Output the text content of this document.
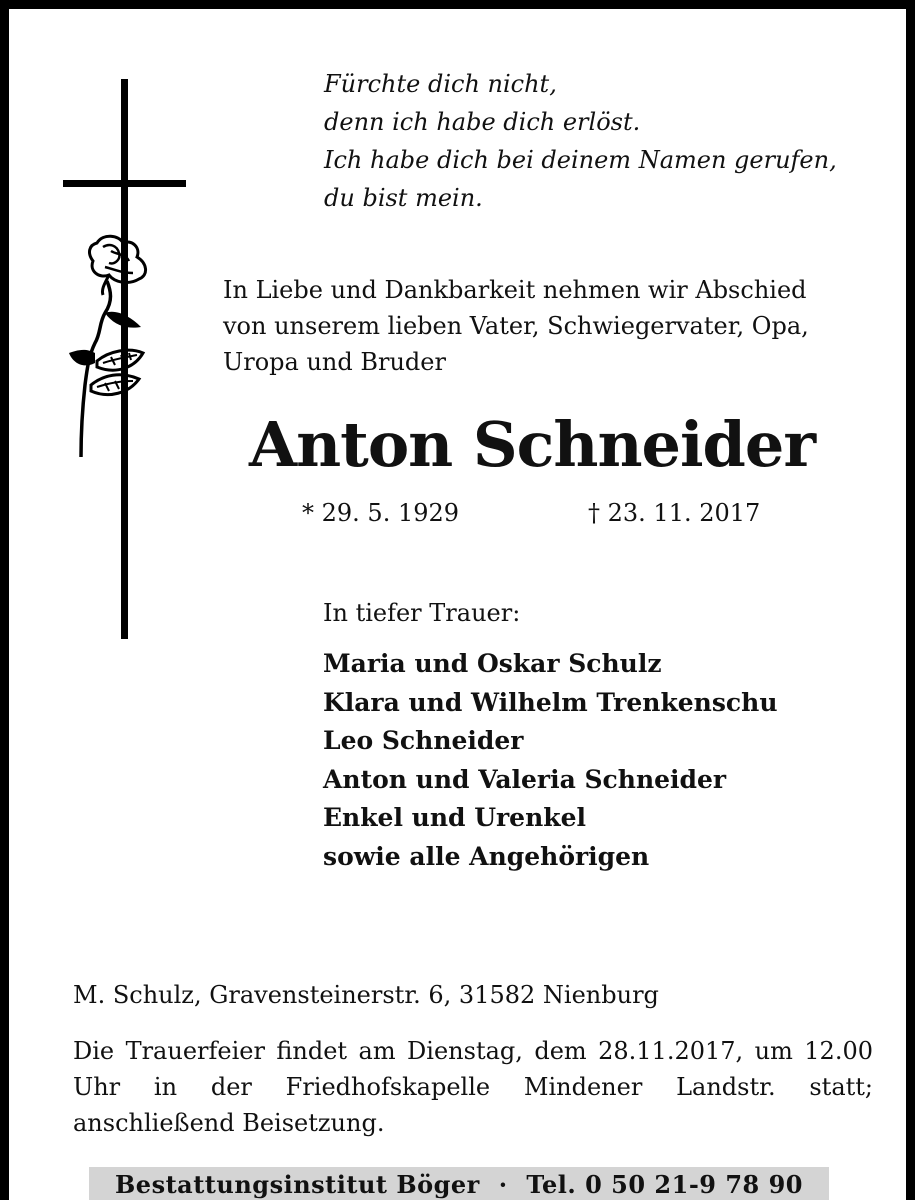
Fürchte dich nicht,
denn ich habe dich erlöst.
Ich habe dich bei deinem Namen gerufen,
du bist mein.
In Liebe und Dankbarkeit nehmen wir Abschied
von unserem lieben Vater, Schwiegervater, Opa,
Uropa und Bruder
Anton Schneider
* 29. 5. 1929	† 23. 11. 2017
In tiefer Trauer:
Maria und Oskar Schulz
Klara und Wilhelm Trenkenschu
Leo Schneider
Anton und Valeria Schneider
Enkel und Urenkel
sowie alle Angehörigen
M. Schulz, Gravensteinerstr. 6, 31582 Nienburg
Die Trauerfeier findet am Dienstag, dem 28.11.2017, um 12.00 Uhr in der Friedhofskapelle Mindener Landstr. statt; anschließend Beisetzung.
Bestattungsinstitut Böger · Tel. 0 50 21-9 78 90
